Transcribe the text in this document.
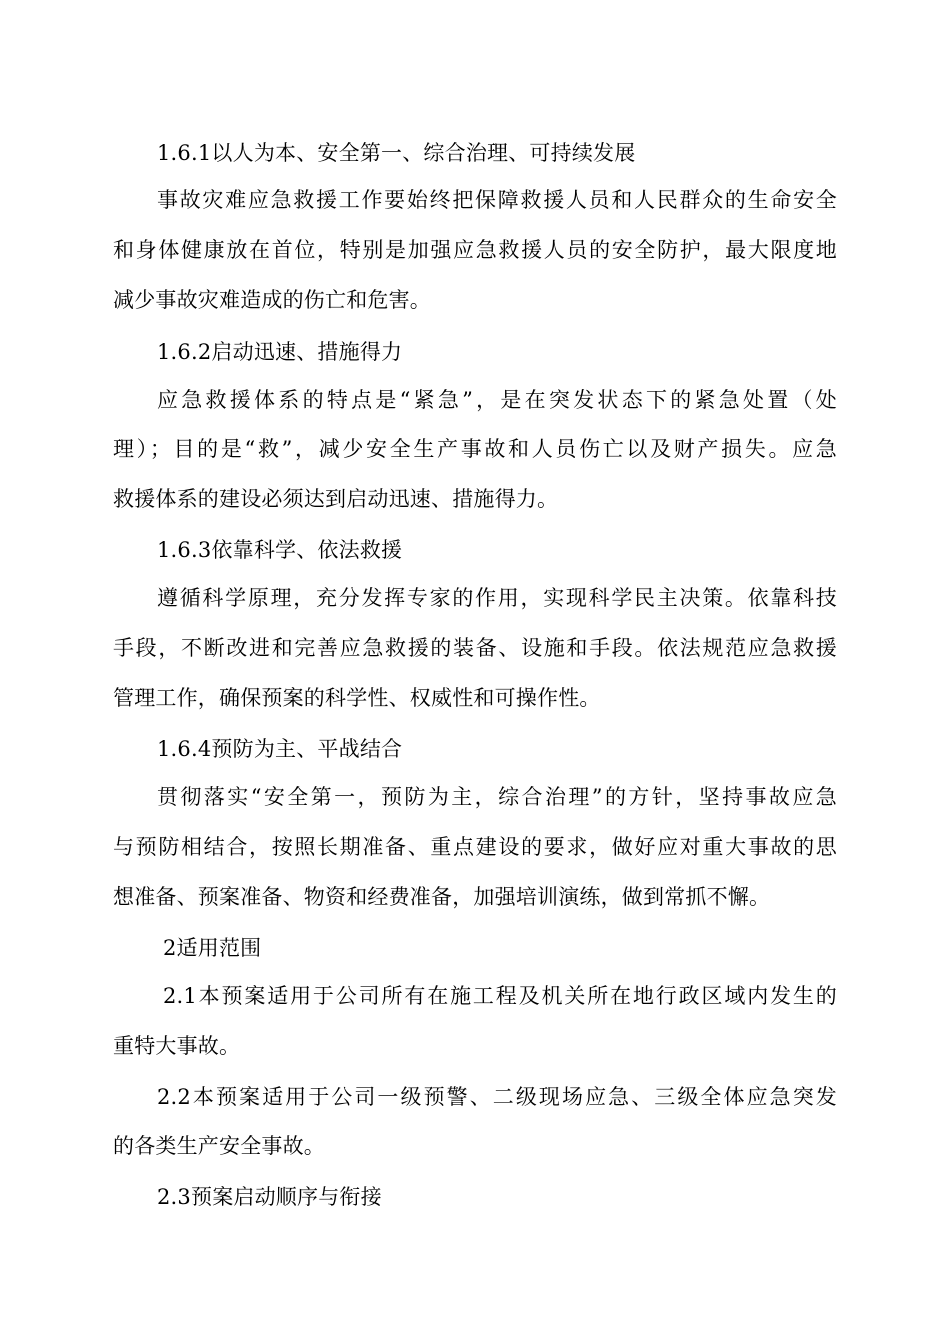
1.6.1以人为本、安全第一、综合治理、可持续发展
事故灾难应急救援工作要始终把保障救援人员和人民群众的生命安全
和身体健康放在首位，特别是加强应急救援人员的安全防护，最大限度地
减少事故灾难造成的伤亡和危害。
1.6.2启动迅速、措施得力
应急救援体系的特点是“紧急”，是在突发状态下的紧急处置（处
理）；目的是“救”，减少安全生产事故和人员伤亡以及财产损失。应急
救援体系的建设必须达到启动迅速、措施得力。
1.6.3依靠科学、依法救援
遵循科学原理，充分发挥专家的作用，实现科学民主决策。依靠科技
手段，不断改进和完善应急救援的装备、设施和手段。依法规范应急救援
管理工作，确保预案的科学性、权威性和可操作性。
1.6.4预防为主、平战结合
贯彻落实“安全第一，预防为主，综合治理”的方针，坚持事故应急
与预防相结合，按照长期准备、重点建设的要求，做好应对重大事故的思
想准备、预案准备、物资和经费准备，加强培训演练，做到常抓不懈。
2适用范围
2.1本预案适用于公司所有在施工程及机关所在地行政区域内发生的
重特大事故。
2.2本预案适用于公司一级预警、二级现场应急、三级全体应急突发
的各类生产安全事故。
2.3预案启动顺序与衔接
